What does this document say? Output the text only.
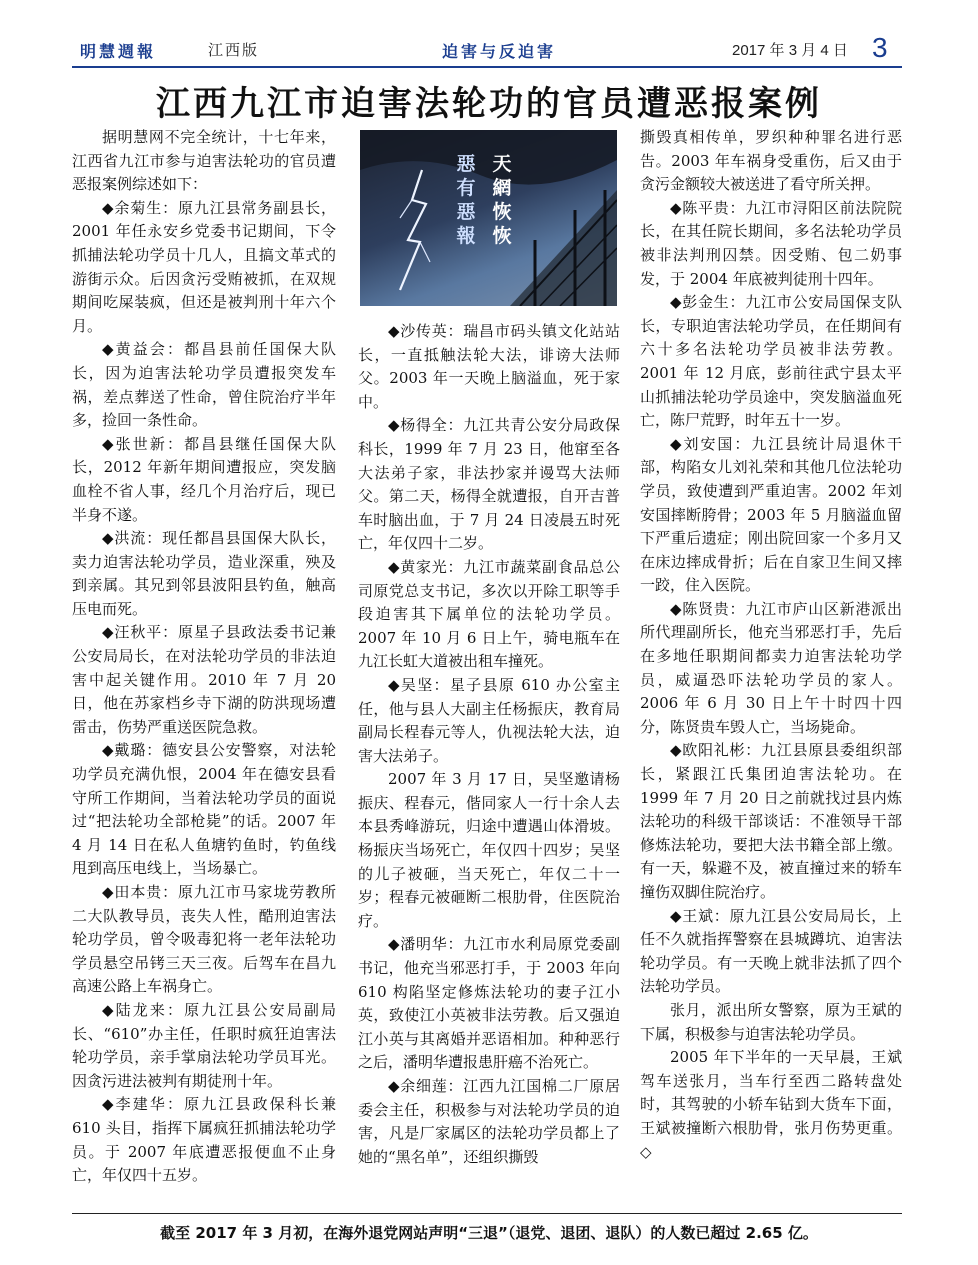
明慧週報	江西版	迫害与反迫害	2017 年 3 月 4 日 3
江西九江市迫害法轮功的官员遭恶报案例

据明慧网不完全统计，十七年来，江西省九江市参与迫害法轮功的官员遭恶报案例综述如下：

◆余菊生：原九江县常务副县长，2001 年任永安乡党委书记期间，下令抓捕法轮功学员十几人，且搞文革式的游街示众。后因贪污受贿被抓，在双规期间吃屎装疯，但还是被判刑十年六个月。

◆黄益会：都昌县前任国保大队长，因为迫害法轮功学员遭报突发车祸，差点葬送了性命，曾住院治疗半年多，捡回一条性命。

◆张世新：都昌县继任国保大队长，2012 年新年期间遭报应，突发脑血栓不省人事，经几个月治疗后，现已半身不遂。

◆洪流：现任都昌县国保大队长，卖力迫害法轮功学员，造业深重，殃及到亲属。其兄到邻县波阳县钓鱼，触高压电而死。

◆汪秋平：原星子县政法委书记兼公安局局长，在对法轮功学员的非法迫害中起关键作用。2010 年 7 月 20 日，他在苏家档乡寺下湖的防洪现场遭雷击，伤势严重送医院急救。

◆戴璐：德安县公安警察，对法轮功学员充满仇恨，2004 年在德安县看守所工作期间，当着法轮功学员的面说过“把法轮功全部枪毙”的话。2007 年 4 月 14 日在私人鱼塘钓鱼时，钓鱼线甩到高压电线上，当场暴亡。

◆田本贵：原九江市马家垅劳教所二大队教导员，丧失人性，酷刑迫害法轮功学员，曾令吸毒犯将一老年法轮功学员悬空吊铐三天三夜。后驾车在昌九高速公路上车祸身亡。

◆陆龙来：原九江县公安局副局长、“610”办主任，任职时疯狂迫害法轮功学员，亲手掌扇法轮功学员耳光。因贪污进法被判有期徒刑十年。

◆李建华：原九江县政保科长兼 610 头目，指挥下属疯狂抓捕法轮功学员。于 2007 年底遭恶报便血不止身亡，年仅四十五岁。

惡有惡報
天網恢恢

◆沙传英：瑞昌市码头镇文化站站长，一直抵触法轮大法，诽谤大法师父。2003 年一天晚上脑溢血，死于家中。

◆杨得全：九江共青公安分局政保科长，1999 年 7 月 23 日，他窜至各大法弟子家，非法抄家并谩骂大法师父。第二天，杨得全就遭报，自开吉普车时脑出血，于 7 月 24 日凌晨五时死亡，年仅四十二岁。

◆黄家光：九江市蔬菜副食品总公司原党总支书记，多次以开除工职等手段迫害其下属单位的法轮功学员。2007 年 10 月 6 日上午，骑电瓶车在九江长虹大道被出租车撞死。

◆吴坚：星子县原 610 办公室主任，他与县人大副主任杨振庆，教育局副局长程春元等人，仇视法轮大法，迫害大法弟子。

2007 年 3 月 17 日，吴坚邀请杨振庆、程春元，偕同家人一行十余人去本县秀峰游玩，归途中遭遇山体滑坡。杨振庆当场死亡，年仅四十四岁；吴坚的儿子被砸，当天死亡，年仅二十一岁；程春元被砸断二根肋骨，住医院治疗。

◆潘明华：九江市水利局原党委副书记，他充当邪恶打手，于 2003 年向 610 构陷坚定修炼法轮功的妻子江小英，致使江小英被非法劳教。后又强迫江小英与其离婚并恶语相加。种种恶行之后，潘明华遭报患肝癌不治死亡。

◆余细莲：江西九江国棉二厂原居委会主任，积极参与对法轮功学员的迫害，凡是厂家属区的法轮功学员都上了她的“黑名单”，还组织撕毁

撕毁真相传单，罗织种种罪名进行恶告。2003 年车祸身受重伤，后又由于贪污金额较大被送进了看守所关押。

◆陈平贵：九江市浔阳区前法院院长，在其任院长期间，多名法轮功学员被非法判刑囚禁。因受贿、包二奶事发，于 2004 年底被判徒刑十四年。

◆彭金生：九江市公安局国保支队长，专职迫害法轮功学员，在任期间有六十多名法轮功学员被非法劳教。2001 年 12 月底，彭前往武宁县太平山抓捕法轮功学员途中，突发脑溢血死亡，陈尸荒野，时年五十一岁。

◆刘安国：九江县统计局退休干部，构陷女儿刘礼荣和其他几位法轮功学员，致使遭到严重迫害。2002 年刘安国摔断胯骨；2003 年 5 月脑溢血留下严重后遗症；刚出院回家一个多月又在床边摔成骨折；后在自家卫生间又摔一跤，住入医院。

◆陈贤贵：九江市庐山区新港派出所代理副所长，他充当邪恶打手，先后在多地任职期间都卖力迫害法轮功学员，威逼恐吓法轮功学员的家人。2006 年 6 月 30 日上午十时四十四分，陈贤贵车毁人亡，当场毙命。

◆欧阳礼彬：九江县原县委组织部长，紧跟江氏集团迫害法轮功。在 1999 年 7 月 20 日之前就找过县内炼法轮功的科级干部谈话：不准领导干部修炼法轮功，要把大法书籍全部上缴。有一天，躲避不及，被直撞过来的轿车撞伤双脚住院治疗。

◆王斌：原九江县公安局局长，上任不久就指挥警察在县城蹲坑、迫害法轮功学员。有一天晚上就非法抓了四个法轮功学员。

张月，派出所女警察，原为王斌的下属，积极参与迫害法轮功学员。

2005 年下半年的一天早晨，王斌驾车送张月，当车行至西二路转盘处时，其驾驶的小轿车钻到大货车下面，王斌被撞断六根肋骨，张月伤势更重。◇

截至 2017 年 3 月初，在海外退党网站声明“三退”（退党、退团、退队）的人数已超过 2.65 亿。
